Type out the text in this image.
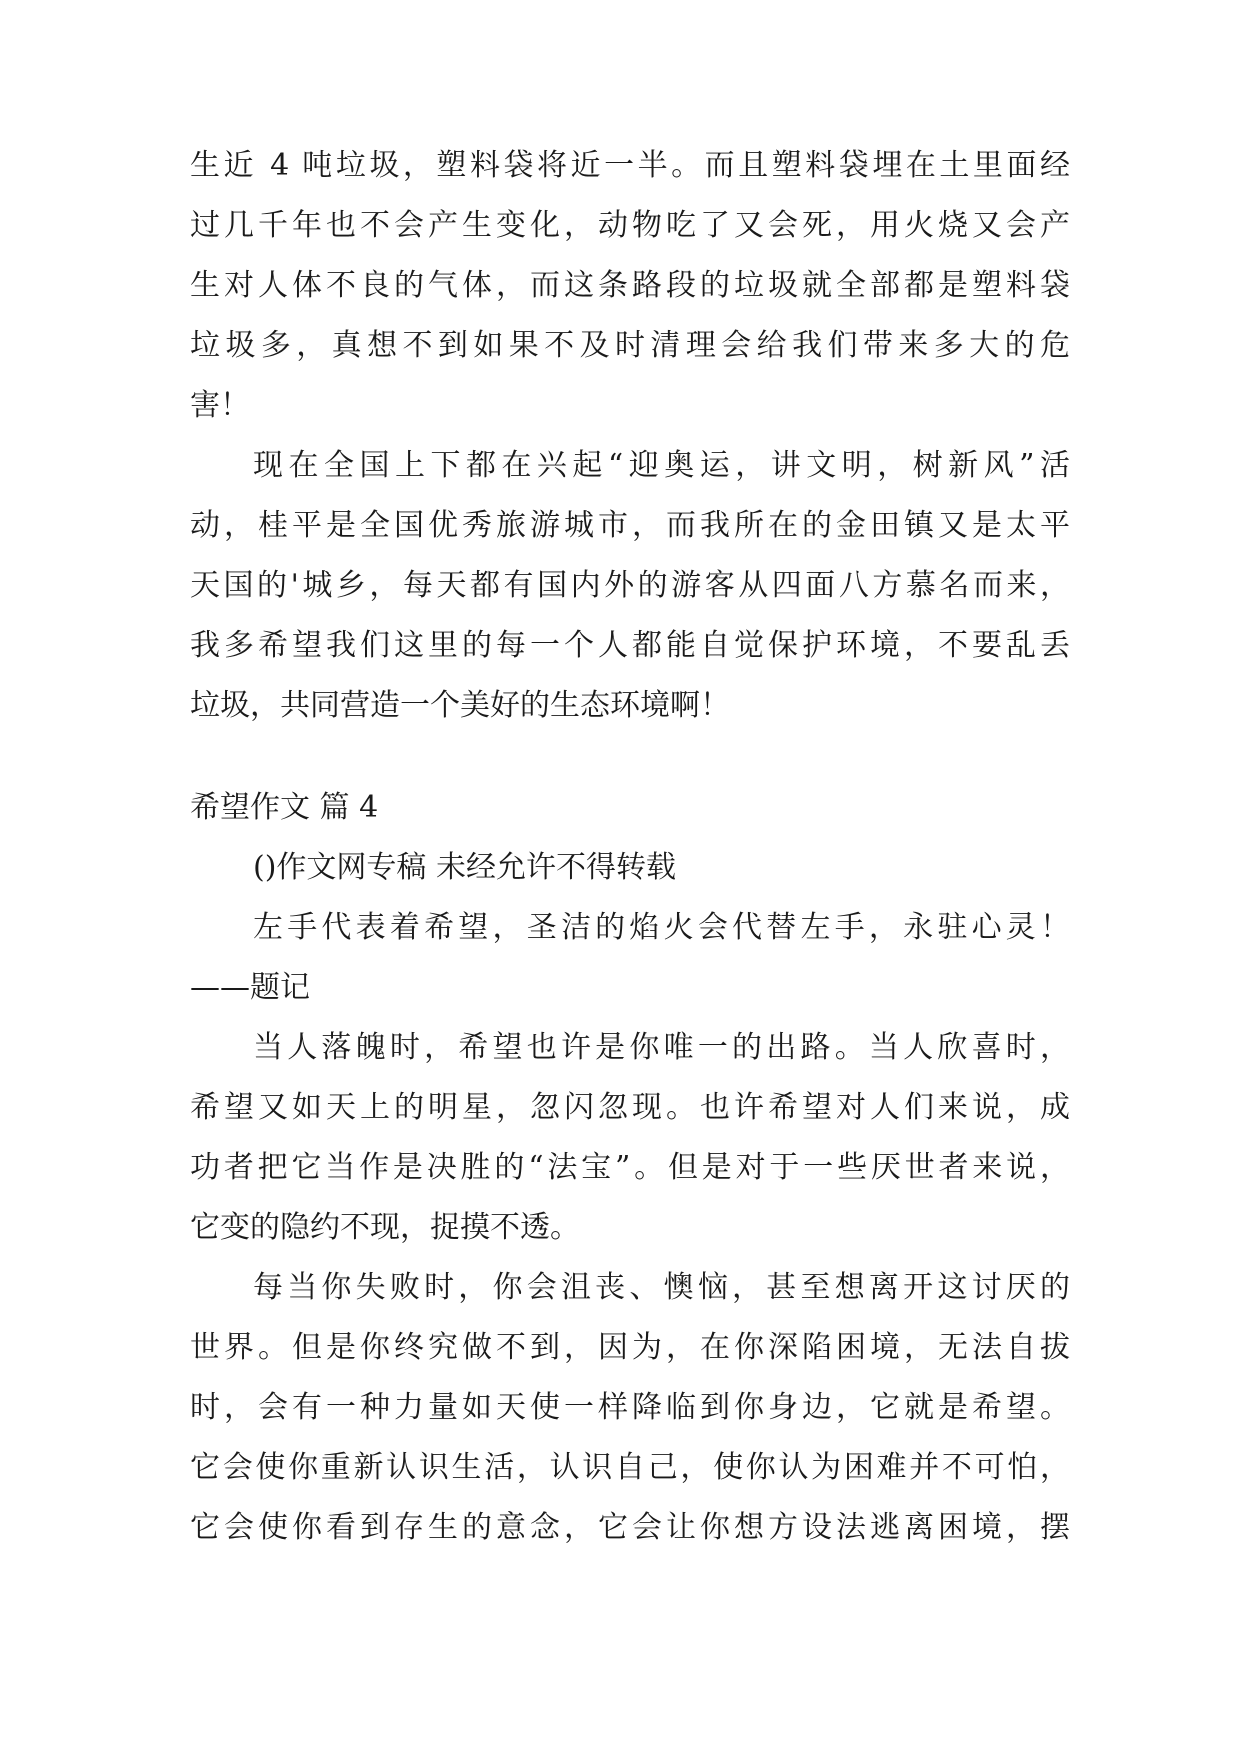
生近 4 吨垃圾，塑料袋将近一半。而且塑料袋埋在土里面经
过几千年也不会产生变化，动物吃了又会死，用火烧又会产
生对人体不良的气体，而这条路段的垃圾就全部都是塑料袋
垃圾多，真想不到如果不及时清理会给我们带来多大的危
害！
现在全国上下都在兴起“迎奥运，讲文明，树新风”活
动，桂平是全国优秀旅游城市，而我所在的金田镇又是太平
天国的'城乡，每天都有国内外的游客从四面八方慕名而来，
我多希望我们这里的每一个人都能自觉保护环境，不要乱丢
垃圾，共同营造一个美好的生态环境啊！
希望作文 篇 4
()作文网专稿 未经允许不得转载
左手代表着希望，圣洁的焰火会代替左手，永驻心灵！
——题记
当人落魄时，希望也许是你唯一的出路。当人欣喜时，
希望又如天上的明星，忽闪忽现。也许希望对人们来说，成
功者把它当作是决胜的“法宝”。但是对于一些厌世者来说，
它变的隐约不现，捉摸不透。
每当你失败时，你会沮丧、懊恼，甚至想离开这讨厌的
世界。但是你终究做不到，因为，在你深陷困境，无法自拔
时，会有一种力量如天使一样降临到你身边，它就是希望。
它会使你重新认识生活，认识自己，使你认为困难并不可怕，
它会使你看到存生的意念，它会让你想方设法逃离困境，摆
